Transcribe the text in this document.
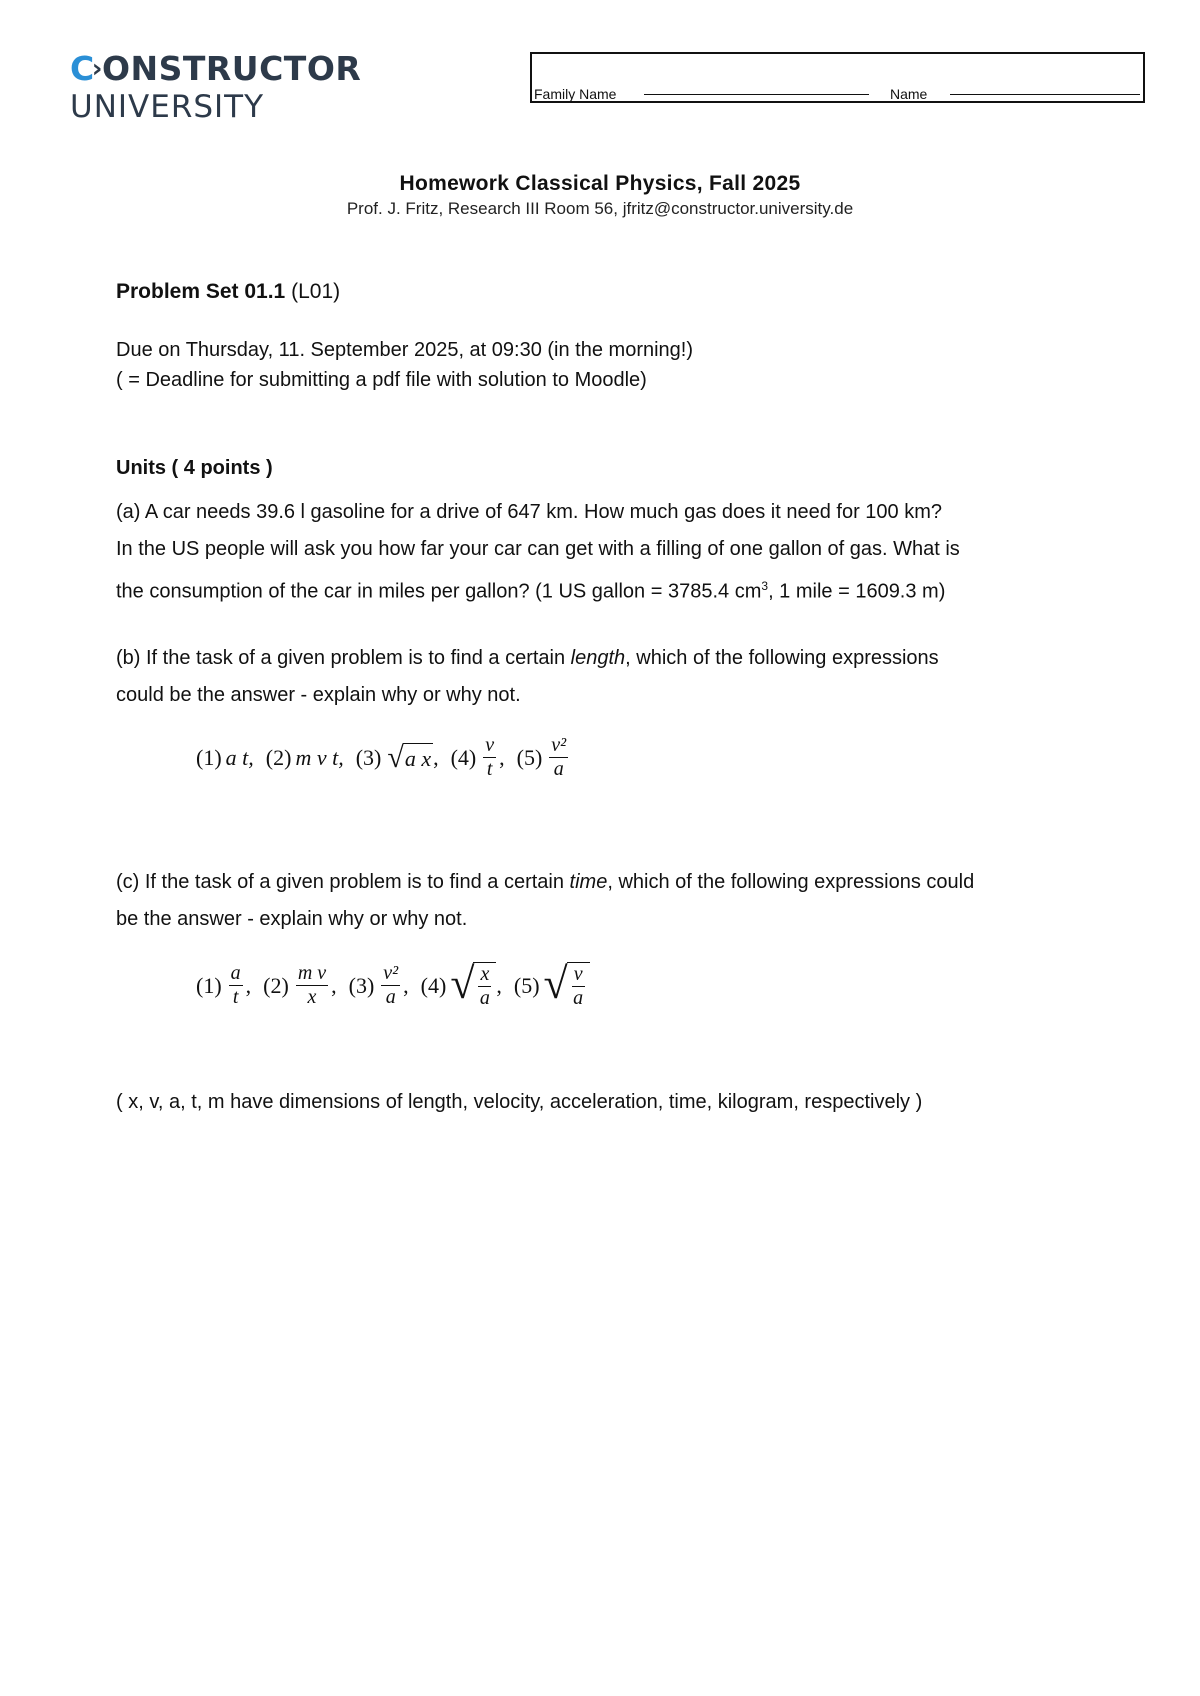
C›ONSTRUCTOR
UNIVERSITY	Family Name	Name
Homework Classical Physics, Fall 2025
Prof. J. Fritz, Research III Room 56, jfritz@constructor.university.de
Problem Set 01.1 (L01)
Due on Thursday, 11. September 2025, at 09:30 (in the morning!)
( = Deadline for submitting a pdf file with solution to Moodle)
Units ( 4 points )
(a) A car needs 39.6 l gasoline for a drive of 647 km. How much gas does it need for 100 km?
In the US people will ask you how far your car can get with a filling of one gallon of gas. What is
the consumption of the car in miles per gallon? (1 US gallon = 3785.4 $cm^3$, 1 mile = 1609.3 m)
(b) If the task of a given problem is to find a certain length, which of the following expressions
could be the answer - explain why or why not.
(1) a t, (2) m v t, (3) √ a x , $(4) \frac{v}{t}$ , $(5) \frac{\text{v²}}{a}$
(c) If the task of a given problem is to find a certain time, which of the following expressions could
be the answer - explain why or why not.
$(1) \frac{a}{t}$ , $(2) \frac{\text{m v}}{x}$ , $(3) \frac{\text{v²}}{a}$ , (4) √ $\frac{x}{a}$ , (5) √ $\frac{v}{a}$
( x, v, a, t, m have dimensions of length, velocity, acceleration, time, kilogram, respectively )
